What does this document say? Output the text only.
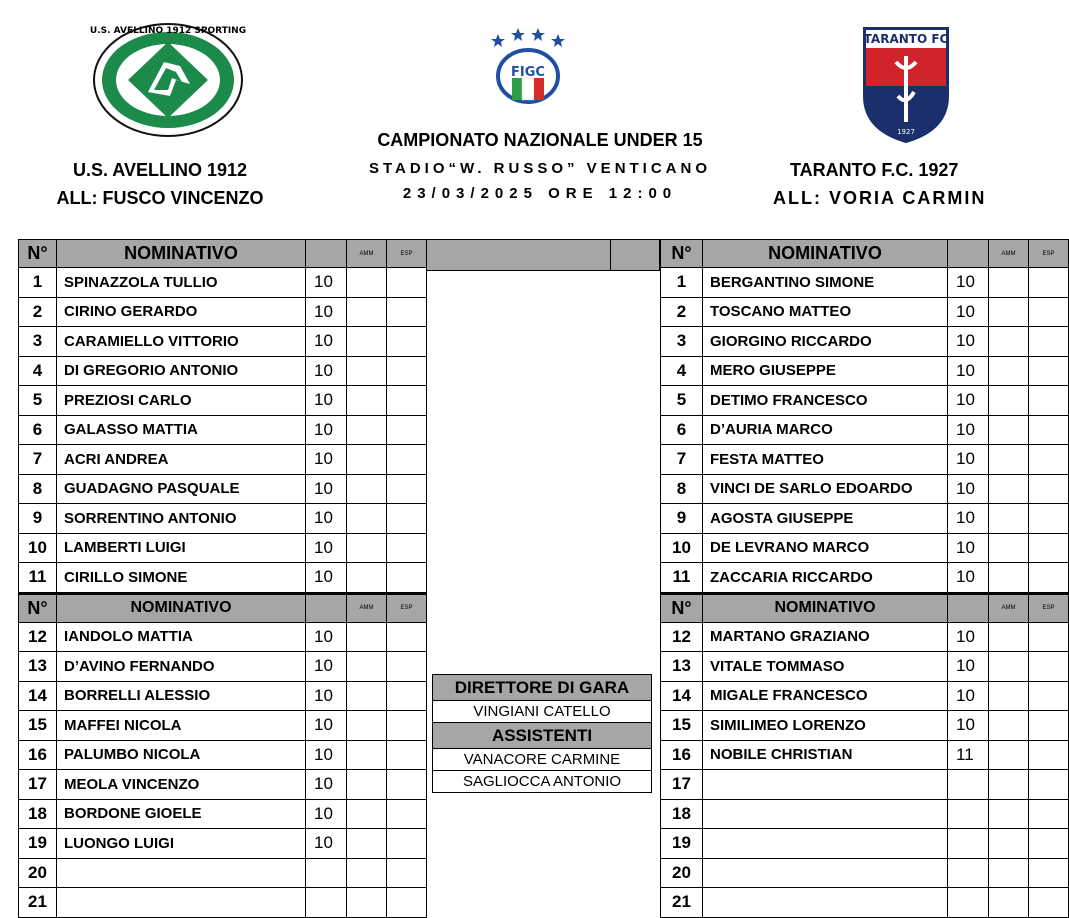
U.S. AVELLINO 1912 SPORTING
FIGC
TARANTO FC
1927
CAMPIONATO NAZIONALE UNDER 15
STADIO“W. RUSSO” VENTICANO
23/03/2025 ORE 12:00
U.S. AVELLINO 1912
ALL: FUSCO VINCENZO
TARANTO F.C. 1927
ALL: VORIA CARMIN
N°	NOMINATIVO		AMM	ESP
1	SPINAZZOLA TULLIO	10		
2	CIRINO GERARDO	10		
3	CARAMIELLO VITTORIO	10		
4	DI GREGORIO ANTONIO	10		
5	PREZIOSI CARLO	10		
6	GALASSO MATTIA	10		
7	ACRI ANDREA	10		
8	GUADAGNO PASQUALE	10		
9	SORRENTINO ANTONIO	10		
10	LAMBERTI LUIGI	10		
11	CIRILLO SIMONE	10		
N°	NOMINATIVO		AMM	ESP
12	IANDOLO MATTIA	10		
13	D’AVINO FERNANDO	10		
14	BORRELLI ALESSIO	10		
15	MAFFEI NICOLA	10		
16	PALUMBO NICOLA	10		
17	MEOLA VINCENZO	10		
18	BORDONE GIOELE	10		
19	LUONGO LUIGI	10		
20				
21				
N°	NOMINATIVO		AMM	ESP
1	BERGANTINO SIMONE	10		
2	TOSCANO MATTEO	10		
3	GIORGINO RICCARDO	10		
4	MERO GIUSEPPE	10		
5	DETIMO FRANCESCO	10		
6	D’AURIA MARCO	10		
7	FESTA MATTEO	10		
8	VINCI DE SARLO EDOARDO	10		
9	AGOSTA GIUSEPPE	10		
10	DE LEVRANO MARCO	10		
11	ZACCARIA RICCARDO	10		
N°	NOMINATIVO		AMM	ESP
12	MARTANO GRAZIANO	10		
13	VITALE TOMMASO	10		
14	MIGALE FRANCESCO	10		
15	SIMILIMEO LORENZO	10		
16	NOBILE CHRISTIAN	11		
17				
18				
19				
20				
21				
DIRETTORE DI GARA
VINGIANI CATELLO
ASSISTENTI
VANACORE CARMINE
SAGLIOCCA ANTONIO
